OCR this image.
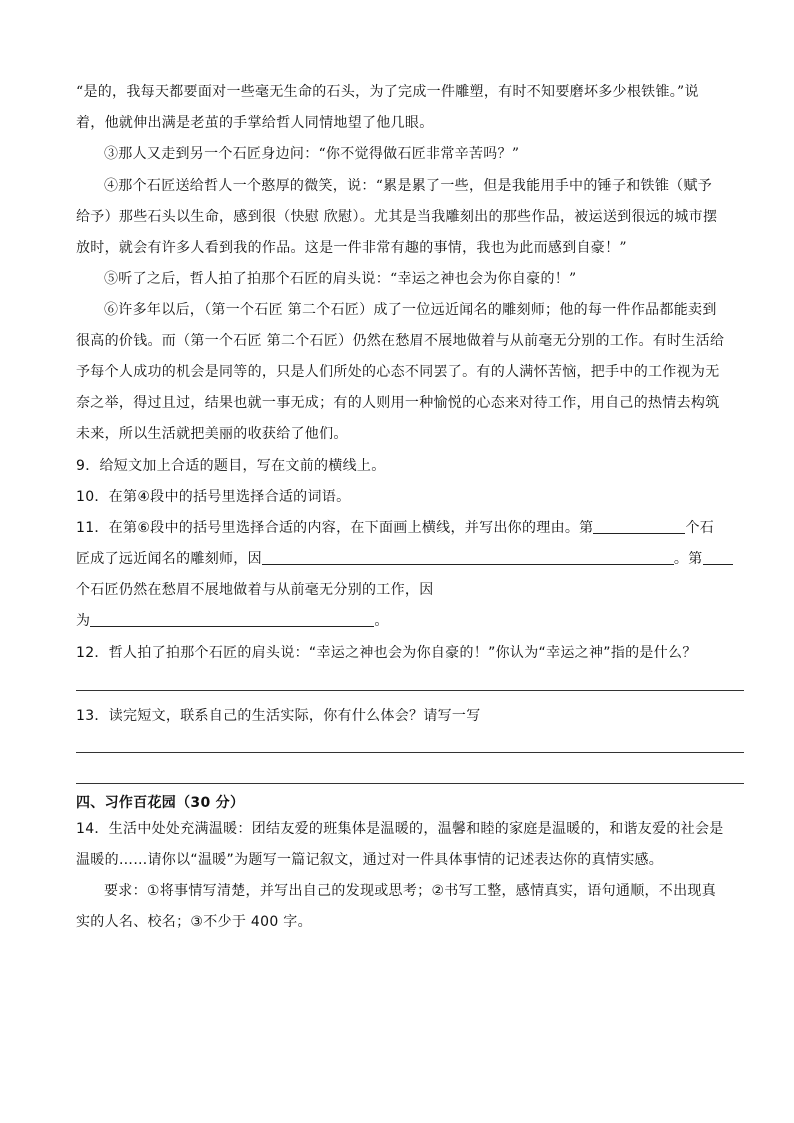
“是的，我每天都要面对一些毫无生命的石头，为了完成一件雕塑，有时不知要磨坏多少根铁锥。”说
着，他就伸出满是老茧的手掌给哲人同情地望了他几眼。
③那人又走到另一个石匠身边问：“你不觉得做石匠非常辛苦吗？”
④那个石匠送给哲人一个憨厚的微笑，说：“累是累了一些，但是我能用手中的锤子和铁锥（赋予
给予）那些石头以生命，感到很（快慰 欣慰）。尤其是当我雕刻出的那些作品，被运送到很远的城市摆
放时，就会有许多人看到我的作品。这是一件非常有趣的事情，我也为此而感到自豪！”
⑤听了之后，哲人拍了拍那个石匠的肩头说：“幸运之神也会为你自豪的！”
⑥许多年以后，（第一个石匠 第二个石匠）成了一位远近闻名的雕刻师；他的每一件作品都能卖到
很高的价钱。而（第一个石匠 第二个石匠）仍然在愁眉不展地做着与从前毫无分别的工作。有时生活给
予每个人成功的机会是同等的，只是人们所处的心态不同罢了。有的人满怀苦恼，把手中的工作视为无
奈之举，得过且过，结果也就一事无成；有的人则用一种愉悦的心态来对待工作，用自己的热情去构筑
未来，所以生活就把美丽的收获给了他们。
9．给短文加上合适的题目，写在文前的横线上。
10．在第④段中的括号里选择合适的词语。
11．在第⑥段中的括号里选择合适的内容，在下面画上横线，并写出你的理由。第	个石
匠成了远近闻名的雕刻师，因	。第
个石匠仍然在愁眉不展地做着与从前毫无分别的工作，因
为	。
12．哲人拍了拍那个石匠的肩头说：“幸运之神也会为你自豪的！”你认为“幸运之神”指的是什么？
13．读完短文，联系自己的生活实际，你有什么体会？请写一写
四、习作百花园（30 分）
14．生活中处处充满温暖：团结友爱的班集体是温暖的，温馨和睦的家庭是温暖的，和谐友爱的社会是
温暖的……请你以“温暖”为题写一篇记叙文，通过对一件具体事情的记述表达你的真情实感。
要求：①将事情写清楚，并写出自己的发现或思考；②书写工整，感情真实，语句通顺，不出现真
实的人名、校名；③不少于 400 字。
